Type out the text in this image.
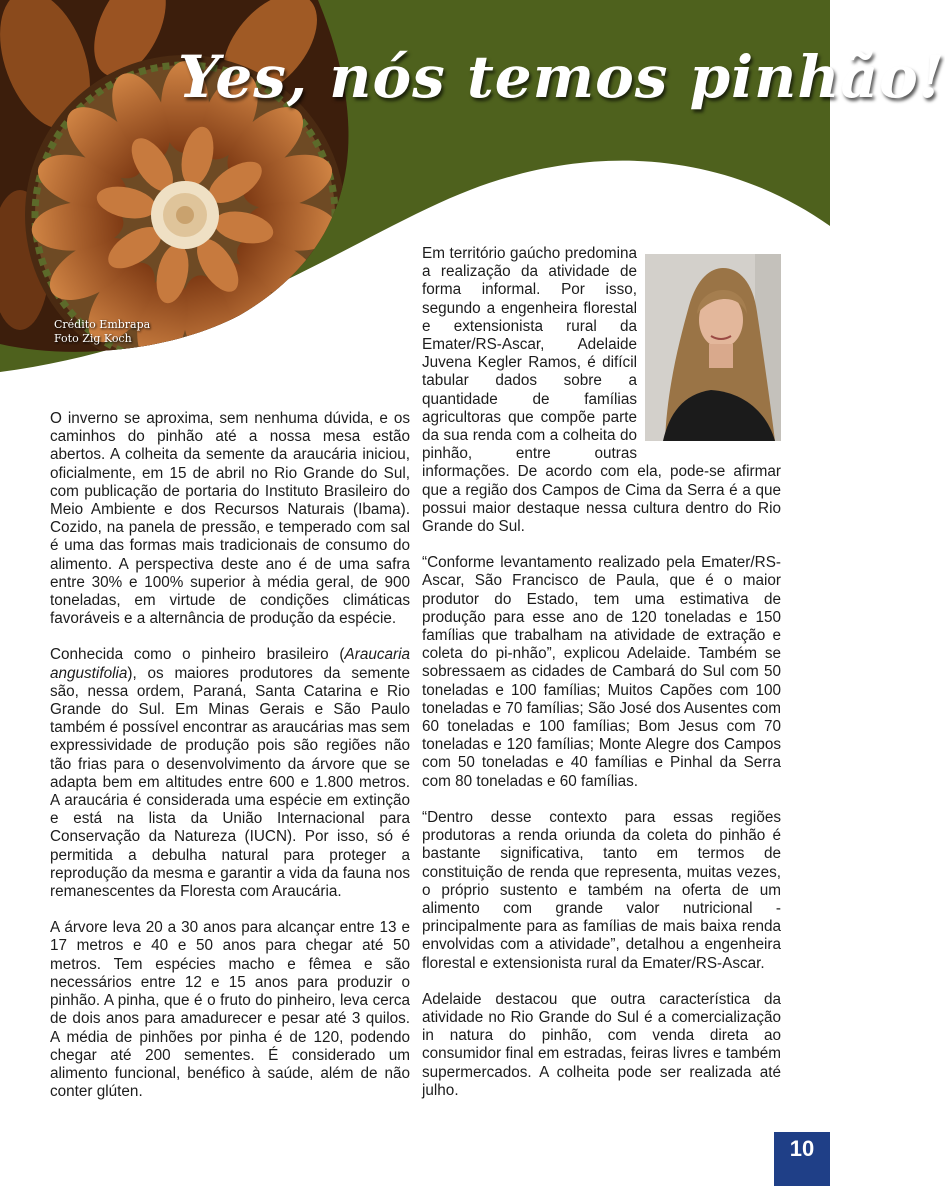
Yes, nós temos pinhão!
Crédito Embrapa
Foto Zig Koch

O inverno se aproxima, sem nenhuma dúvida, e os caminhos do pinhão até a nossa mesa estão abertos. A colheita da semente da araucária iniciou, oficialmente, em 15 de abril no Rio Grande do Sul, com publicação de portaria do Instituto Brasileiro do Meio Ambiente e dos Recursos Naturais (Ibama). Cozido, na panela de pressão, e temperado com sal é uma das formas mais tradicionais de consumo do alimento. A perspectiva deste ano é de uma safra entre 30% e 100% superior à média geral, de 900 toneladas, em virtude de condições climáticas favoráveis e a alternância de produção da espécie.

Conhecida como o pinheiro brasileiro (Araucaria angustifolia), os maiores produtores da semente são, nessa ordem, Paraná, Santa Catarina e Rio Grande do Sul. Em Minas Gerais e São Paulo também é possível encontrar as araucárias mas sem expressividade de produção pois são regiões não tão frias para o desenvolvimento da árvore que se adapta bem em altitudes entre 600 e 1.800 metros. A araucária é considerada uma espécie em extinção e está na lista da União Internacional para Conservação da Natureza (IUCN). Por isso, só é permitida a debulha natural para proteger a reprodução da mesma e garantir a vida da fauna nos remanescentes da Floresta com Araucária.

A árvore leva 20 a 30 anos para alcançar entre 13 e 17 metros e 40 e 50 anos para chegar até 50 metros. Tem espécies macho e fêmea e são necessários entre 12 e 15 anos para produzir o pinhão. A pinha, que é o fruto do pinheiro, leva cerca de dois anos para amadurecer e pesar até 3 quilos. A média de pinhões por pinha é de 120, podendo chegar até 200 sementes. É considerado um alimento funcional, benéfico à saúde, além de não conter glúten.

Em território gaúcho predomina a realização da atividade de forma informal. Por isso, segundo a engenheira florestal e extensionista rural da Emater/RS-Ascar, Adelaide Juvena Kegler Ramos, é difícil tabular dados sobre a quantidade de famílias agricultoras que compõe parte da sua renda com a colheita do pinhão, entre outras informações. De acordo com ela, pode-se afirmar que a região dos Campos de Cima da Serra é a que possui maior destaque nessa cultura dentro do Rio Grande do Sul.

“Conforme levantamento realizado pela Emater/RS-Ascar, São Francisco de Paula, que é o maior produtor do Estado, tem uma estimativa de produção para esse ano de 120 toneladas e 150 famílias que trabalham na atividade de extração e coleta do pi-nhão”, explicou Adelaide. Também se sobressaem as cidades de Cambará do Sul com 50 toneladas e 100 famílias; Muitos Capões com 100 toneladas e 70 famílias; São José dos Ausentes com 60 toneladas e 100 famílias; Bom Jesus com 70 toneladas e 120 famílias; Monte Alegre dos Campos com 50 toneladas e 40 famílias e Pinhal da Serra com 80 toneladas e 60 famílias.

“Dentro desse contexto para essas regiões produtoras a renda oriunda da coleta do pinhão é bastante significativa, tanto em termos de constituição de renda que representa, muitas vezes, o próprio sustento e também na oferta de um alimento com grande valor nutricional - principalmente para as famílias de mais baixa renda envolvidas com a atividade”, detalhou a engenheira florestal e extensionista rural da Emater/RS-Ascar.

Adelaide destacou que outra característica da atividade no Rio Grande do Sul é a comercialização in natura do pinhão, com venda direta ao consumidor final em estradas, feiras livres e também supermercados. A colheita pode ser realizada até julho.

10
